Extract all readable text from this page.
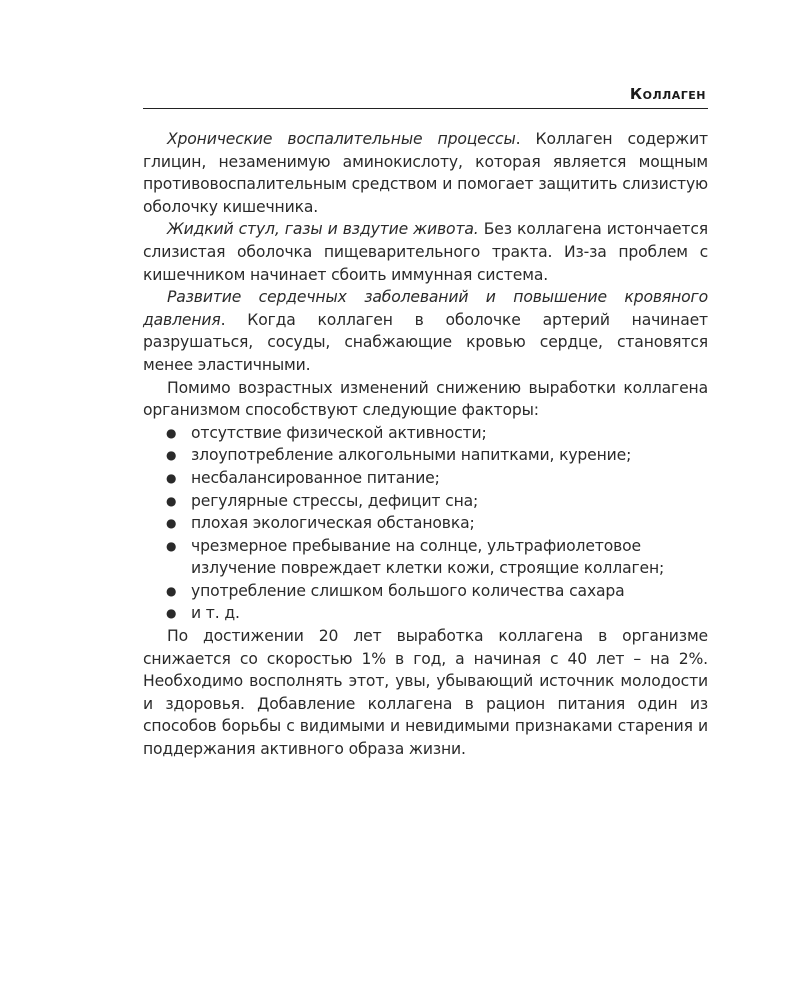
Коллаген

Хронические воспалительные процессы. Коллаген содержит глицин, незаменимую аминокислоту, которая является мощным противовоспалительным средством и помогает защитить слизистую оболочку кишечника.

Жидкий стул, газы и вздутие живота. Без коллагена истончается слизистая оболочка пищеварительного тракта. Из-за проблем с кишечником начинает сбоить иммунная система.

Развитие сердечных заболеваний и повышение кровяного давления. Когда коллаген в оболочке артерий начинает разрушаться, сосуды, снабжающие кровью сердце, становятся менее эластичными.

Помимо возрастных изменений снижению выработки коллагена организмом способствуют следующие факторы:

● отсутствие физической активности;
● злоупотребление алкогольными напитками, курение;
● несбалансированное питание;
● регулярные стрессы, дефицит сна;
● плохая экологическая обстановка;
● чрезмерное пребывание на солнце, ультрафиолетовое излучение повреждает клетки кожи, строящие коллаген;
● употребление слишком большого количества сахара
● и т. д.

По достижении 20 лет выработка коллагена в организме снижается со скоростью 1% в год, а начиная с 40 лет – на 2%. Необходимо восполнять этот, увы, убывающий источник молодости и здоровья. Добавление коллагена в рацион питания один из способов борьбы с видимыми и невидимыми признаками старения и поддержания активного образа жизни.
